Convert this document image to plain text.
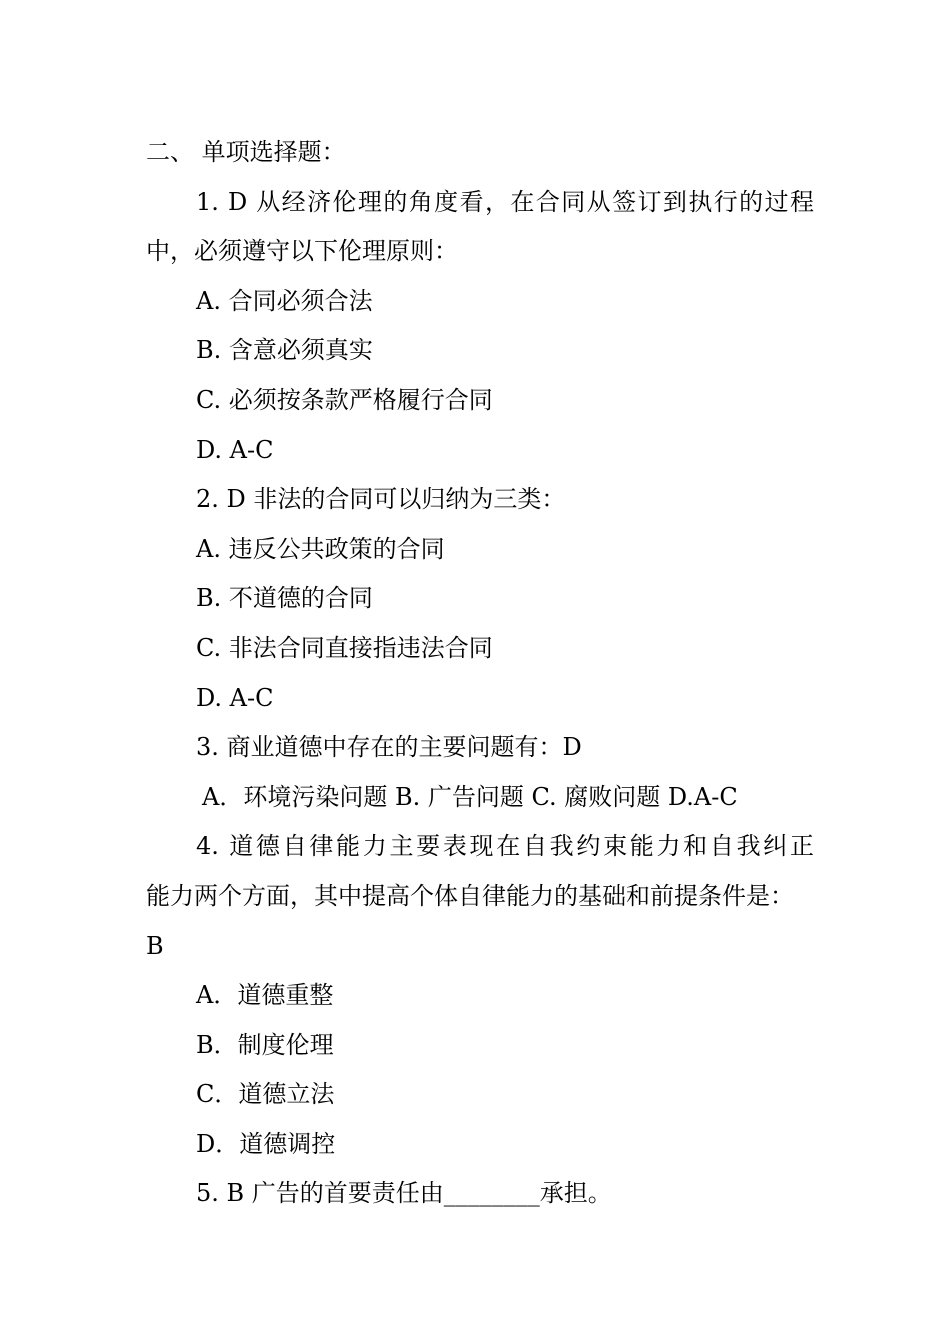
二、 单项选择题：

1. D 从经济伦理的角度看，在合同从签订到执行的过程

中，必须遵守以下伦理原则：

A. 合同必须合法

B. 含意必须真实

C. 必须按条款严格履行合同

D. A-C

2. D 非法的合同可以归纳为三类：

A. 违反公共政策的合同

B. 不道德的合同

C. 非法合同直接指违法合同

D. A-C

3. 商业道德中存在的主要问题有：D

A．环境污染问题 B. 广告问题 C. 腐败问题 D.A-C

4. 道德自律能力主要表现在自我约束能力和自我纠正

能力两个方面，其中提高个体自律能力的基础和前提条件是：

B

A．道德重整

B．制度伦理

C．道德立法

D．道德调控

5. B 广告的首要责任由________承担。
